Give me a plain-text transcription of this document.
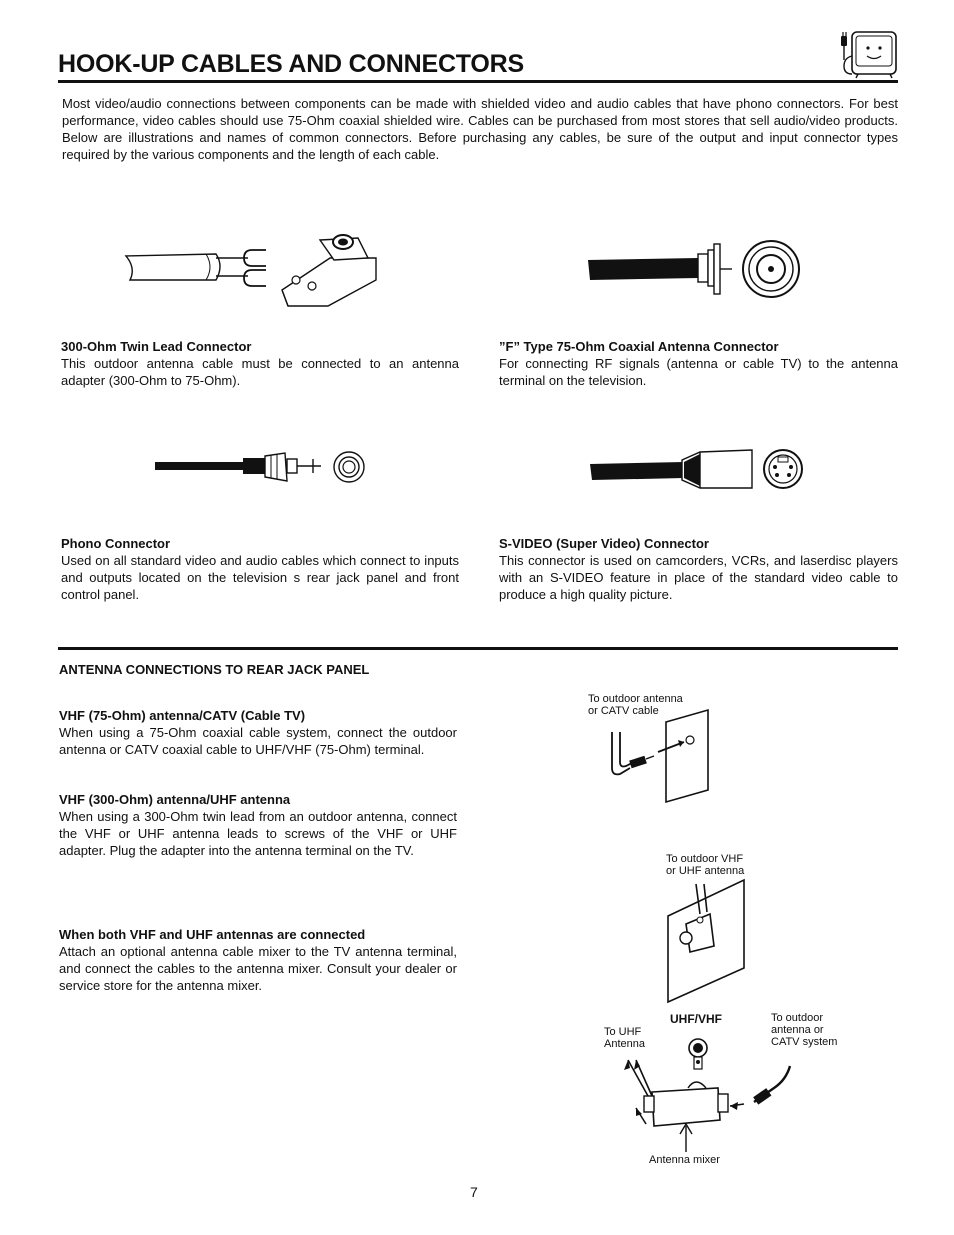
HOOK-UP CABLES AND CONNECTORS

Most video/audio connections between components can be made with shielded video and audio cables that have phono connectors. For best performance, video cables should use 75-Ohm coaxial shielded wire. Cables can be purchased from most stores that sell audio/video products. Below are illustrations and names of common connectors. Before purchasing any cables, be sure of the output and input connector types required by the various components and the length of each cable.

300-Ohm Twin Lead Connector
This outdoor antenna cable must be connected to an antenna adapter (300-Ohm to 75-Ohm).
”F” Type 75-Ohm Coaxial Antenna Connector
For connecting RF signals (antenna or cable TV) to the antenna terminal on the television.
Phono Connector
Used on all standard video and audio cables which connect to inputs and outputs located on the television s rear jack panel and front control panel.
S-VIDEO (Super Video) Connector
This connector is used on camcorders, VCRs, and laserdisc players with an S-VIDEO feature in place of the standard video cable to produce a high quality picture.
ANTENNA CONNECTIONS TO REAR JACK PANEL
VHF (75-Ohm) antenna/CATV (Cable TV)
When using a 75-Ohm coaxial cable system, connect the outdoor antenna or CATV coaxial cable to UHF/VHF (75-Ohm) terminal.
VHF (300-Ohm) antenna/UHF antenna
When using a 300-Ohm twin lead from an outdoor antenna, connect the VHF or UHF antenna leads to screws of the VHF or UHF adapter. Plug the adapter into the antenna terminal on the TV.
When both VHF and UHF antennas are connected
Attach an optional antenna cable mixer to the TV antenna terminal, and connect the cables to the antenna mixer. Consult your dealer or service store for the antenna mixer.
To outdoor antenna
or CATV cable
To outdoor VHF
or UHF antenna
UHF/VHF
To UHF
Antenna
To outdoor
antenna or
CATV system
Antenna mixer
7
